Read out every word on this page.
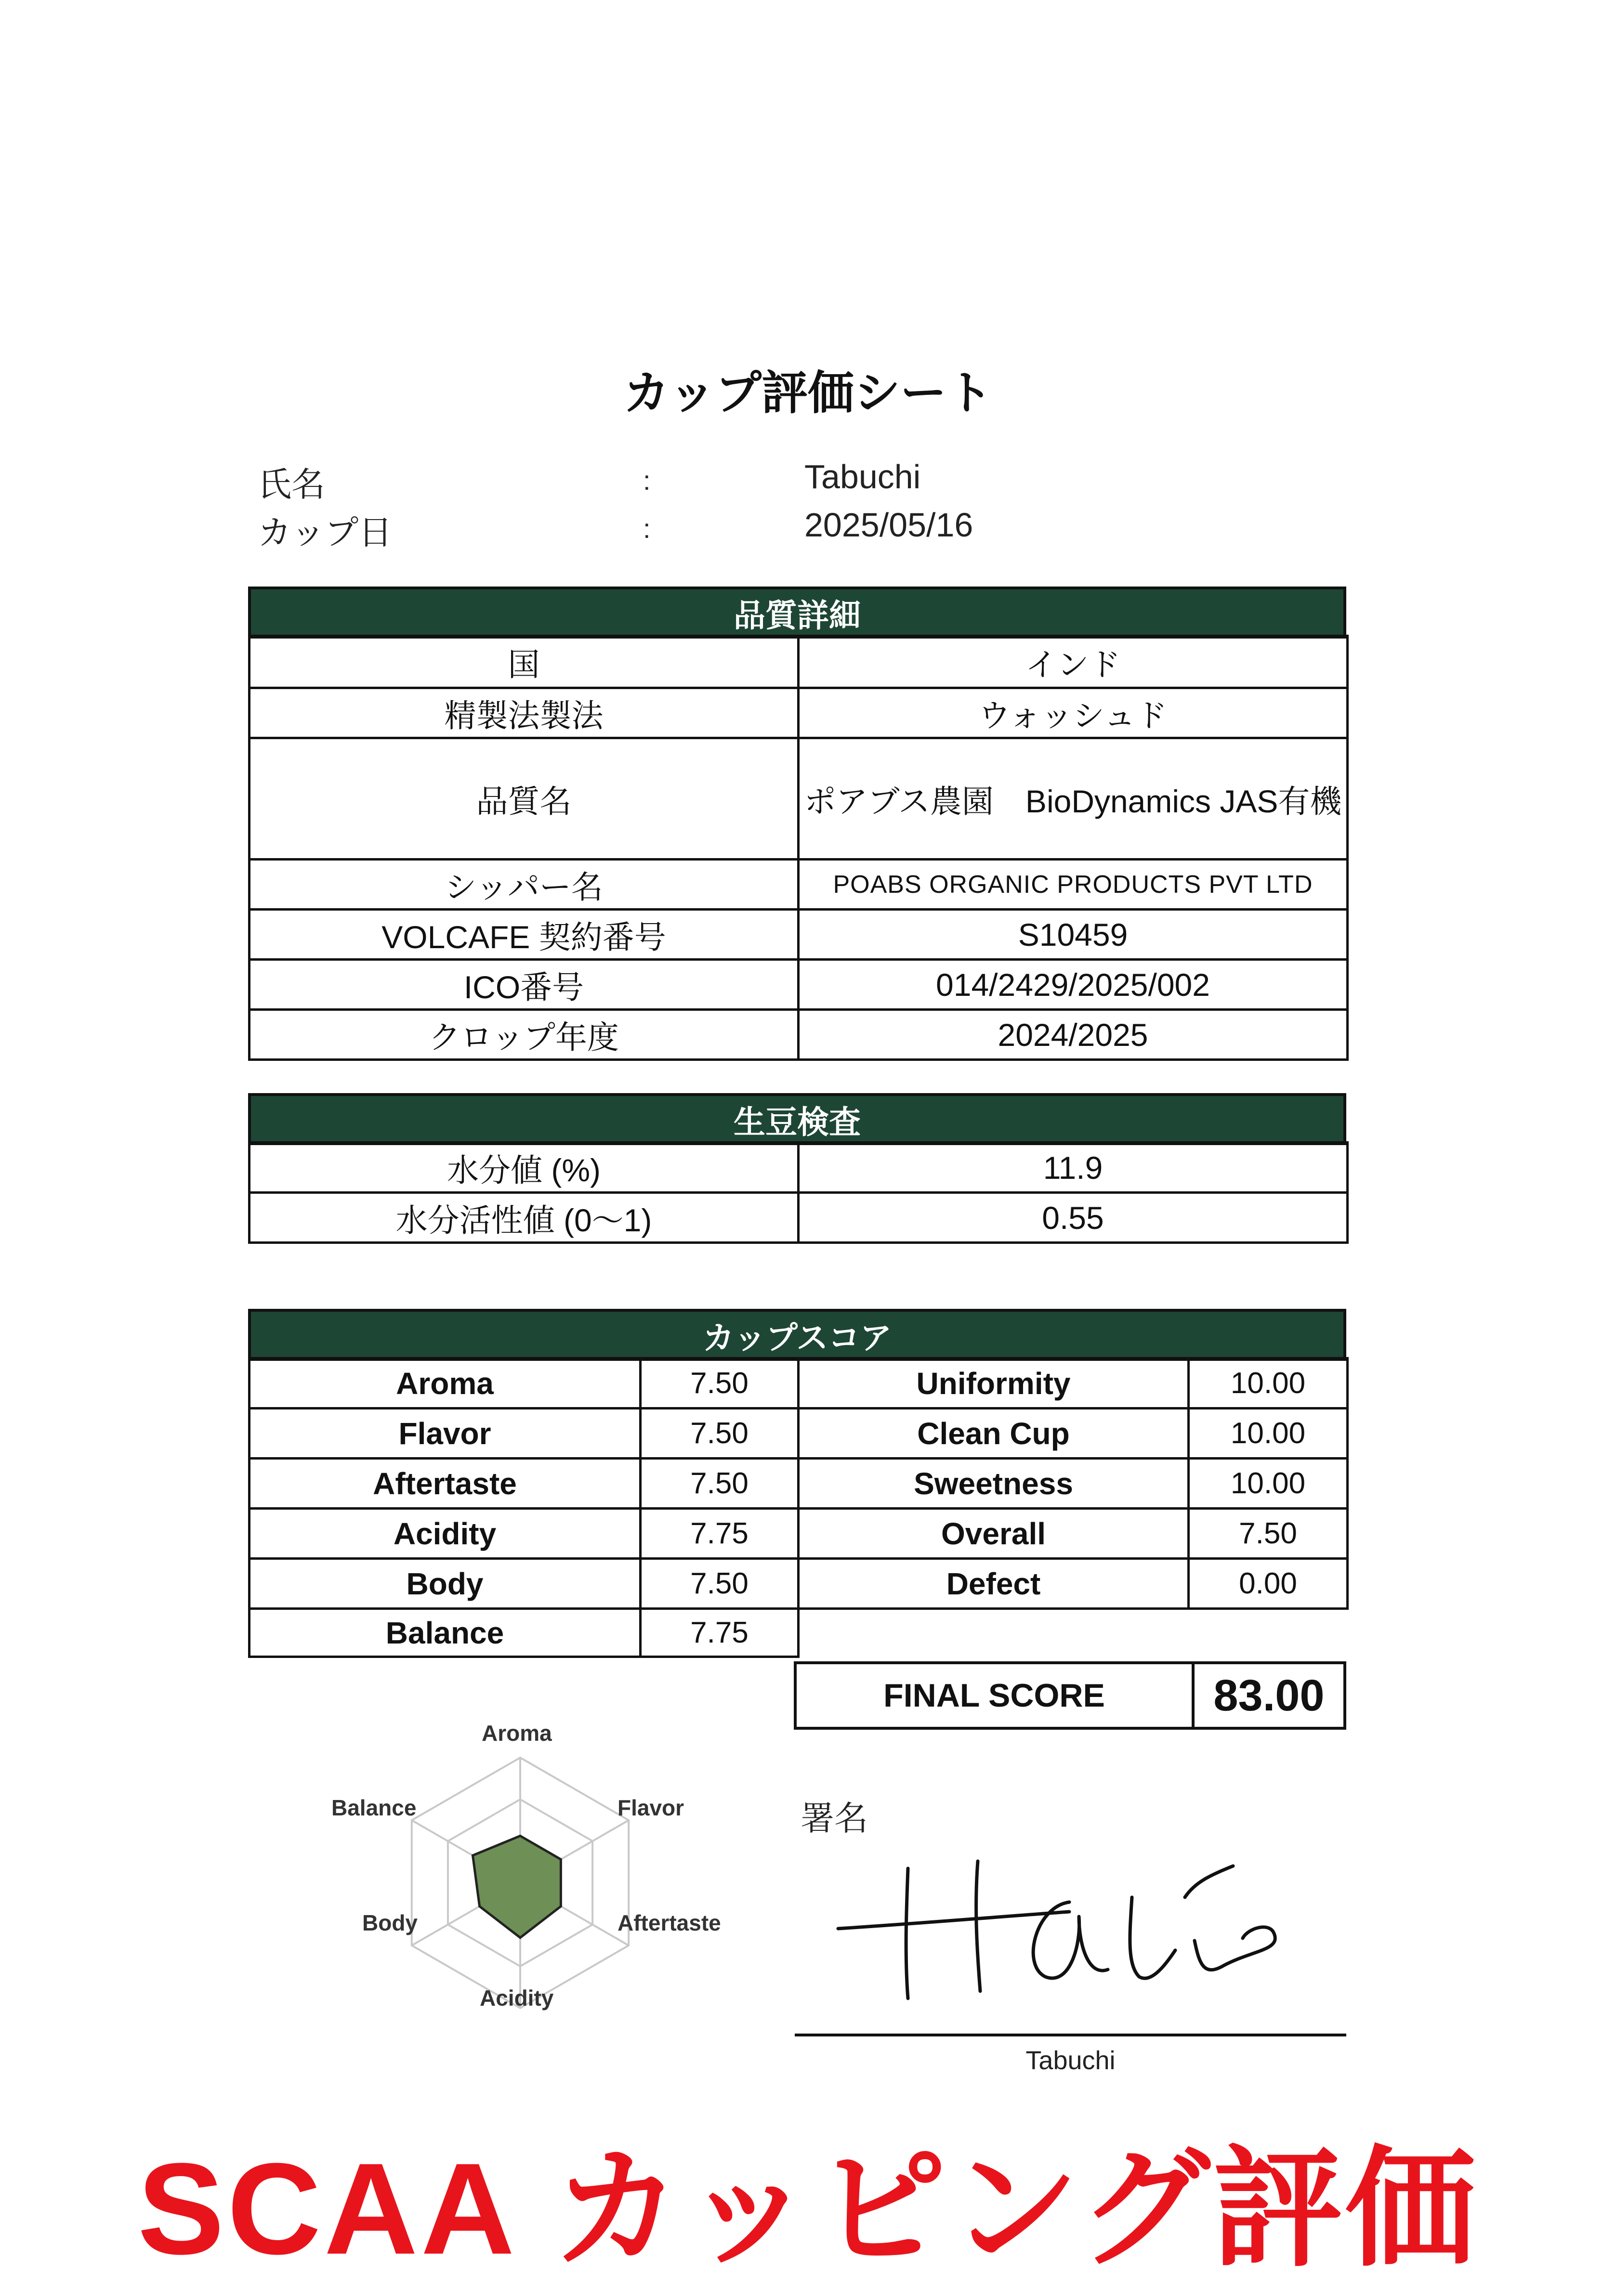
カップ評価シート
氏名	:	Tabuchi
カップ日	:	2025/05/16
品質詳細
国	インド
精製法製法	ウォッシュド
品質名	ポアブス農園　BioDynamics JAS有機
シッパー名	POABS ORGANIC PRODUCTS PVT LTD
VOLCAFE 契約番号	S10459
ICO番号	014/2429/2025/002
クロップ年度	2024/2025
生豆検査
水分値 (%)	11.9
水分活性値 (0～1)	0.55
カップスコア
Aroma	7.50	Uniformity	10.00
Flavor	7.50	Clean Cup	10.00
Aftertaste	7.50	Sweetness	10.00
Acidity	7.75	Overall	7.50
Body	7.50	Defect	0.00
Balance	7.75		
FINAL SCORE	83.00
Aroma
Flavor
Aftertaste
Acidity
Body
Balance	署名
Tabuchi
SCAA カッピング評価
